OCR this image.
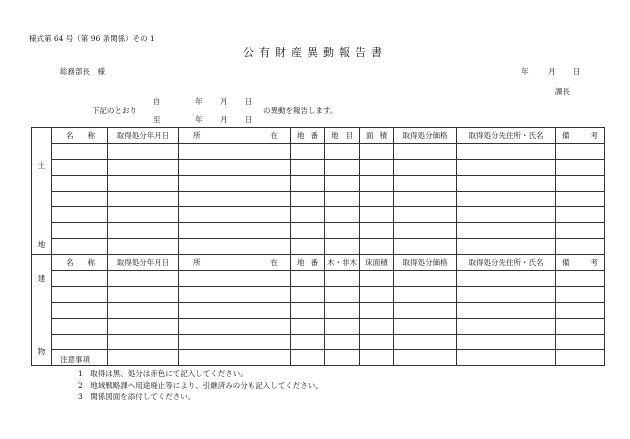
様式第 64 号（第 96 条関係）その 1
公有財産異動報告書
総務部長　様	年	月 日
課長
自	年 月 日
下記のとおり	の異動を報告します。
至	年 月 日
土
地	名 称	取得処分年月日	所 在	地 番	地 目	面 積	取得処分価格	取得処分先住所・氏名	備 考

建
物	名 称	取得処分年月日	所 在	地 番	木・非木	床面積	取得処分価格	取得処分先住所・氏名	備 考

注意事項
1　取得は黒、処分は赤色にて記入してください。
2　地域戦略課へ用途廃止等により、引継済みの分も記入してください。
3　関係図面を添付してください。
